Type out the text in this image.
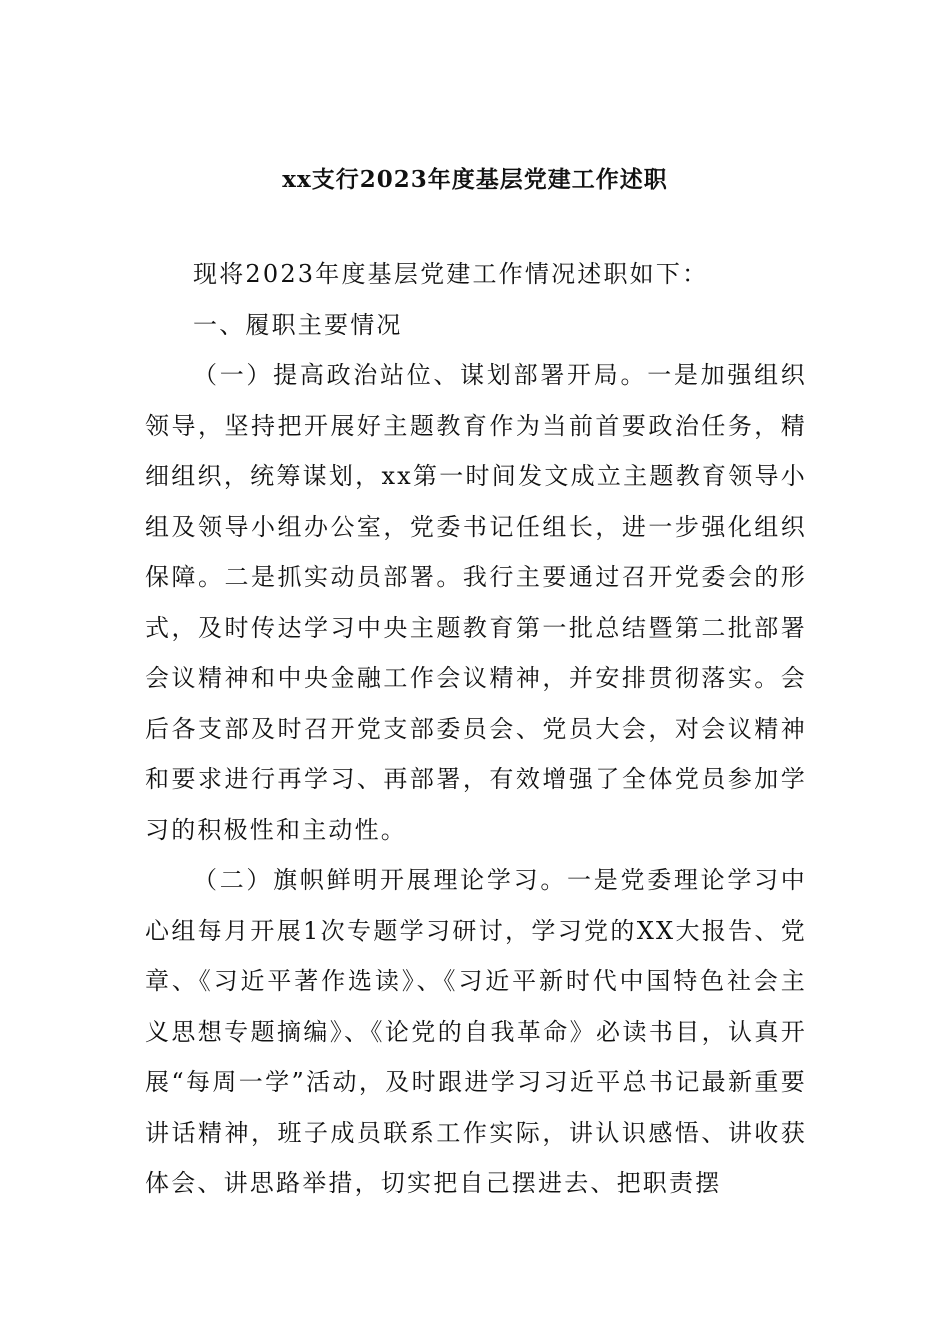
xx支行2023年度基层党建工作述职

现将2023年度基层党建工作情况述职如下：

一、履职主要情况

（一）提高政治站位、谋划部署开局。一是加强组织领导，坚持把开展好主题教育作为当前首要政治任务，精细组织，统筹谋划，xx第一时间发文成立主题教育领导小组及领导小组办公室，党委书记任组长，进一步强化组织保障。二是抓实动员部署。我行主要通过召开党委会的形式，及时传达学习中央主题教育第一批总结暨第二批部署会议精神和中央金融工作会议精神，并安排贯彻落实。会后各支部及时召开党支部委员会、党员大会，对会议精神和要求进行再学习、再部署，有效增强了全体党员参加学习的积极性和主动性。

（二）旗帜鲜明开展理论学习。一是党委理论学习中心组每月开展1次专题学习研讨，学习党的XX大报告、党章、《习近平著作选读》、《习近平新时代中国特色社会主义思想专题摘编》、《论党的自我革命》必读书目，认真开展“每周一学”活动，及时跟进学习习近平总书记最新重要讲话精神，班子成员联系工作实际，讲认识感悟、讲收获体会、讲思路举措，切实把自己摆进去、把职责摆
